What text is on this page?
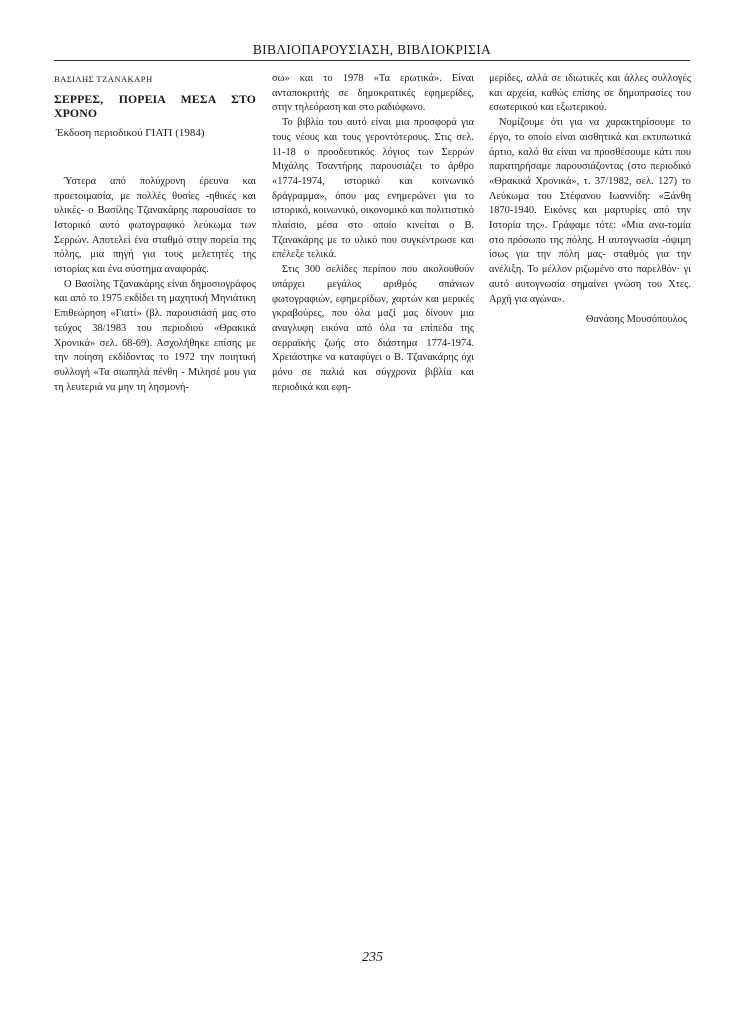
ΒΙΒΛΙΟΠΑΡΟΥΣΙΑΣΗ, ΒΙΒΛΙΟΚΡΙΣΙΑ
ΒΑΣΙΛΗΣ ΤΖΑΝΑΚΑΡΗ
ΣΕΡΡΕΣ, ΠΟΡΕΙΑ ΜΕΣΑ ΣΤΟ ΧΡΟΝΟ
Έκδοση περιοδικού ΓΙΑΤΙ (1984)

Ύστερα από πολύχρονη έρευνα και προετοιμασία, με πολλές θυσίες -ηθικές και υλικές- ο Βασίλης Τζανακάρης παρουσίασε το Ιστορικό αυτό φωτογραφικό λεύκωμα των Σερρών. Αποτελεί ένα σταθμό στην πορεία της πόλης, μια πηγή για τους μελετητές της ιστορίας και ένα σύστημα αναφοράς.

Ο Βασίλης Τζανακάρης είναι δημοσιογράφος και από το 1975 εκδίδει τη μαχητική Μηνιάτικη Επιθεώρηση «Γιατί» (βλ. παρουσιάσή μας στο τεύχος 38/1983 του περιοδιού «Θρακικά Χρονικά» σελ. 68-69). Ασχολήθηκε επίσης με την ποίηση εκδίδοντας το 1972 την ποιητική συλλογή «Τα σιωπηλά πένθη - Μιλησέ μου για τη λευτεριά να μην τη λησμονή-

σω» και το 1978 «Τα ερωτικά». Είναι ανταποκριτής σε δημοκρατικές εφημερίδες, στην τηλεόραση και στο ραδιόφωνο.

Το βιβλίο του αυτό είναι μια προσφορά για τους νέους και τους γεροντότερους. Στις σελ. 11-18 ο προοδευτικός λόγιος των Σερρών Μιχάλης Τσαντήρης παρουσιάζει το άρθρο «1774-1974, ιστορικό και κοινωνικό δράγραμμα», όπου μας ενημερώνει για το ιστορικό, κοινωνικό, οικονομικό και πολιτιστικό πλαίσιο, μέσα στο οποίο κινείται ο Β. Τζανακάρης με το υλικό που συγκέντρωσε και επέλεξε τελικά.

Στις 300 σελίδες περίπου που ακολουθούν υπάρχει μεγάλος αριθμός σπάνιων φωτογραφιών, εφημερίδων, χαρτών και μερικές γκραβούρες, που όλα μαζί μας δίνουν μια αναγλυφη εικόνα από όλα τα επίπεδα της σερραϊκής ζωής στο διάστημα 1774-1974. Χρειάστηκε να καταφύγει ο Β. Τζανακάρης όχι μόνο σε παλιά και σύγχρονα βιβλία και περιοδικά και εφη-

μερίδες, αλλά σε ιδιωτικές και άλλες συλλογές και αρχεία, καθώς επίσης σε δημοπρασίες του εσωτερικού και εξωτερικού.

Νομίζουμε ότι για να χαρακτηρίσουμε το έργο, το οποίο είναι αισθητικά και εκτυπωτικά άρτιο, καλό θα είναι να προσθέσουμε κάτι που παρατηρήσαμε παρουσιάζοντας (στο περιοδικό «Θρακικά Χρονικά», τ. 37/1982, σελ. 127) το Λεύκωμα του Στέφανου Ιωαννίδη: «Ξάνθη 1870-1940. Εικόνες και μαρτυρίες από την Ιστορία της». Γράφαμε τότε: «Μια ανα-τομία στο πρόσωπο της πόλης. Η αυτογνωσία -όψιμη ίσως για την πόλη μας- σταθμός για την ανέλιξη. Το μέλλον ριζωμένο στο παρελθόν· γι αυτό αυτογνωσία σημαίνει γνώση του Χτες. Αρχή για αγώνα».

Θανάσης Μουσόπουλος
235
